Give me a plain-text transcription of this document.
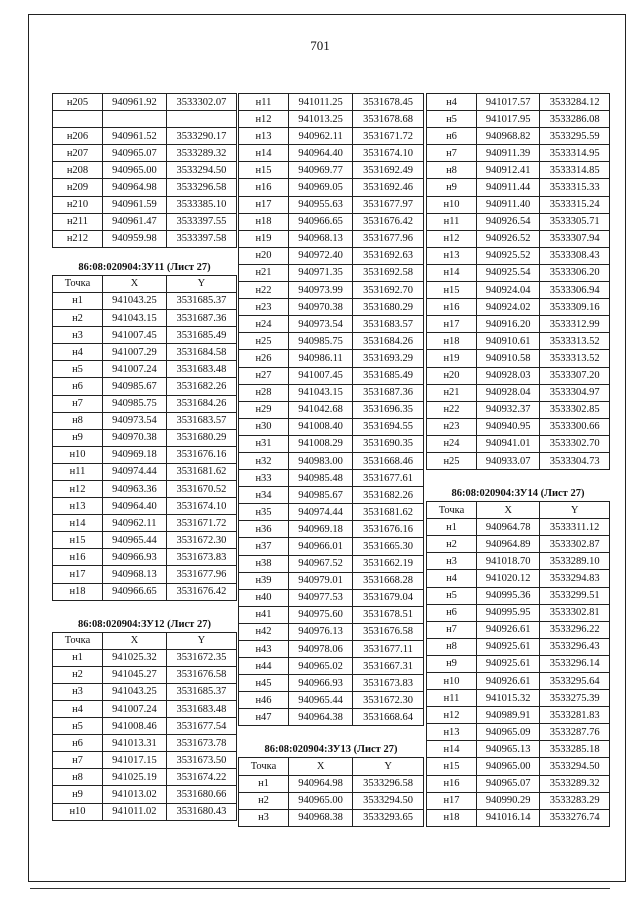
701
н205	940961.92	3533302.07

н206	940961.52	3533290.17
н207	940965.07	3533289.32
н208	940965.00	3533294.50
н209	940964.98	3533296.58
н210	940961.59	3533385.10
н211	940961.47	3533397.55
н212	940959.98	3533397.58
86:08:020904:ЗУ11 (Лист 27)
Точка	X	Y
н1	941043.25	3531685.37
н2	941043.15	3531687.36
н3	941007.45	3531685.49
н4	941007.29	3531684.58
н5	941007.24	3531683.48
н6	940985.67	3531682.26
н7	940985.75	3531684.26
н8	940973.54	3531683.57
н9	940970.38	3531680.29
н10	940969.18	3531676.16
н11	940974.44	3531681.62
н12	940963.36	3531670.52
н13	940964.40	3531674.10
н14	940962.11	3531671.72
н15	940965.44	3531672.30
н16	940966.93	3531673.83
н17	940968.13	3531677.96
н18	940966.65	3531676.42
86:08:020904:ЗУ12 (Лист 27)
Точка	X	Y
н1	941025.32	3531672.35
н2	941045.27	3531676.58
н3	941043.25	3531685.37
н4	941007.24	3531683.48
н5	941008.46	3531677.54
н6	941013.31	3531673.78
н7	941017.15	3531673.50
н8	941025.19	3531674.22
н9	941013.02	3531680.66
н10	941011.02	3531680.43
н11	941011.25	3531678.45
н12	941013.25	3531678.68
н13	940962.11	3531671.72
н14	940964.40	3531674.10
н15	940969.77	3531692.49
н16	940969.05	3531692.46
н17	940955.63	3531677.97
н18	940966.65	3531676.42
н19	940968.13	3531677.96
н20	940972.40	3531692.63
н21	940971.35	3531692.58
н22	940973.99	3531692.70
н23	940970.38	3531680.29
н24	940973.54	3531683.57
н25	940985.75	3531684.26
н26	940986.11	3531693.29
н27	941007.45	3531685.49
н28	941043.15	3531687.36
н29	941042.68	3531696.35
н30	941008.40	3531694.55
н31	941008.29	3531690.35
н32	940983.00	3531668.46
н33	940985.48	3531677.61
н34	940985.67	3531682.26
н35	940974.44	3531681.62
н36	940969.18	3531676.16
н37	940966.01	3531665.30
н38	940967.52	3531662.19
н39	940979.01	3531668.28
н40	940977.53	3531679.04
н41	940975.60	3531678.51
н42	940976.13	3531676.58
н43	940978.06	3531677.11
н44	940965.02	3531667.31
н45	940966.93	3531673.83
н46	940965.44	3531672.30
н47	940964.38	3531668.64
86:08:020904:ЗУ13 (Лист 27)
Точка	X	Y
н1	940964.98	3533296.58
н2	940965.00	3533294.50
н3	940968.38	3533293.65
н4	941017.57	3533284.12
н5	941017.95	3533286.08
н6	940968.82	3533295.59
н7	940911.39	3533314.95
н8	940912.41	3533314.85
н9	940911.44	3533315.33
н10	940911.40	3533315.24
н11	940926.54	3533305.71
н12	940926.52	3533307.94
н13	940925.52	3533308.43
н14	940925.54	3533306.20
н15	940924.04	3533306.94
н16	940924.02	3533309.16
н17	940916.20	3533312.99
н18	940910.61	3533313.52
н19	940910.58	3533313.52
н20	940928.03	3533307.20
н21	940928.04	3533304.97
н22	940932.37	3533302.85
н23	940940.95	3533300.66
н24	940941.01	3533302.70
н25	940933.07	3533304.73
86:08:020904:ЗУ14 (Лист 27)
Точка	X	Y
н1	940964.78	3533311.12
н2	940964.89	3533302.87
н3	941018.70	3533289.10
н4	941020.12	3533294.83
н5	940995.36	3533299.51
н6	940995.95	3533302.81
н7	940926.61	3533296.22
н8	940925.61	3533296.43
н9	940925.61	3533296.14
н10	940926.61	3533295.64
н11	941015.32	3533275.39
н12	940989.91	3533281.83
н13	940965.09	3533287.76
н14	940965.13	3533285.18
н15	940965.00	3533294.50
н16	940965.07	3533289.32
н17	940990.29	3533283.29
н18	941016.14	3533276.74
